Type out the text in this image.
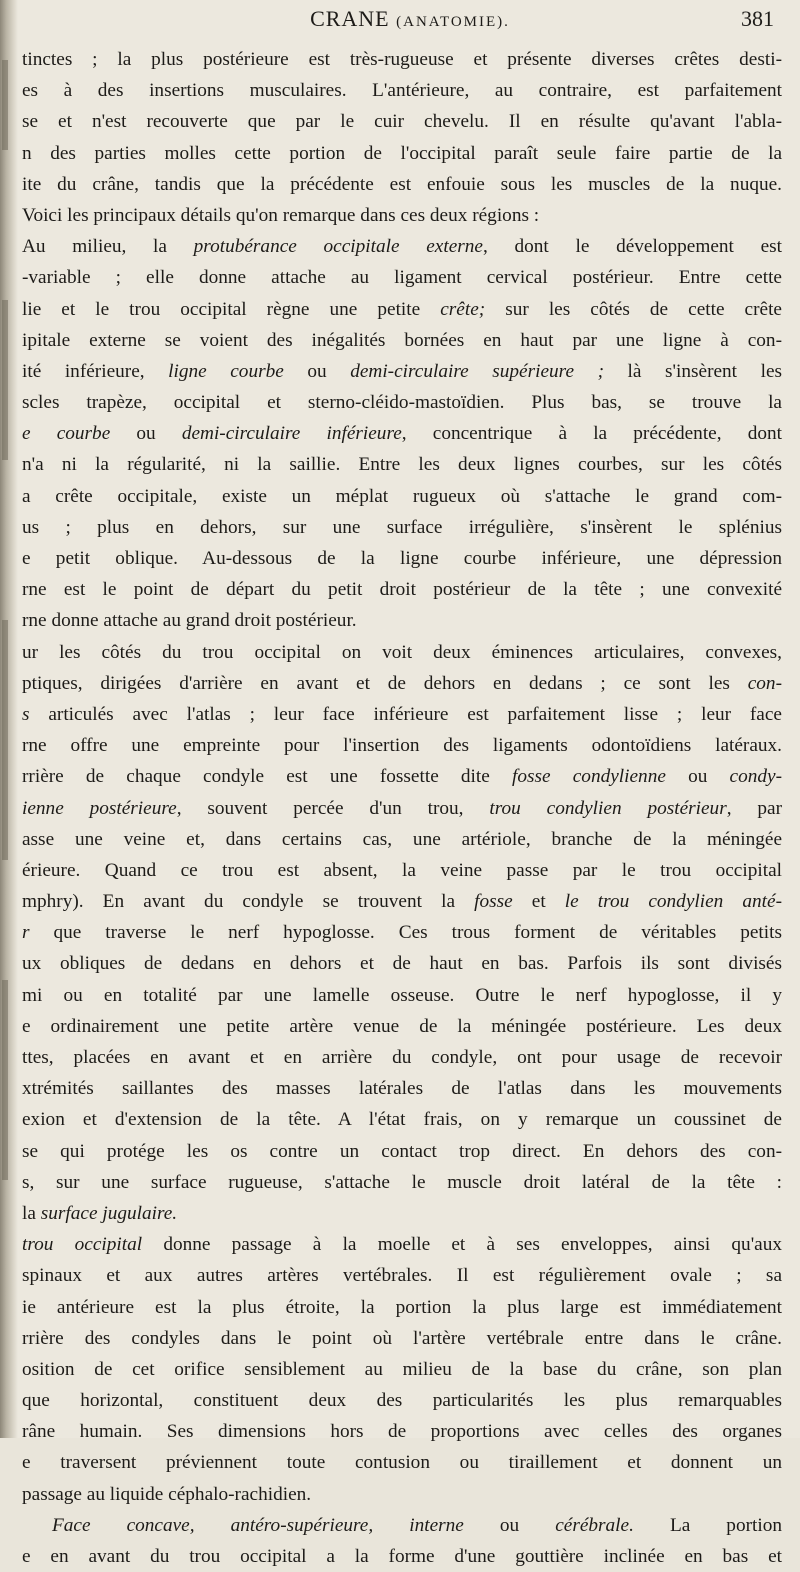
CRANE (ANATOMIE).	381
tinctes ; la plus postérieure est très-rugueuse et présente diverses crêtes desti-
es à des insertions musculaires. L'antérieure, au contraire, est parfaitement
se et n'est recouverte que par le cuir chevelu. Il en résulte qu'avant l'abla-
n des parties molles cette portion de l'occipital paraît seule faire partie de la
ite du crâne, tandis que la précédente est enfouie sous les muscles de la nuque.
Voici les principaux détails qu'on remarque dans ces deux régions :
Au milieu, la protubérance occipitale externe, dont le développement est
-variable ; elle donne attache au ligament cervical postérieur. Entre cette
lie et le trou occipital règne une petite crête; sur les côtés de cette crête
ipitale externe se voient des inégalités bornées en haut par une ligne à con-
ité inférieure, ligne courbe ou demi-circulaire supérieure ; là s'insèrent les
scles trapèze, occipital et sterno-cléido-mastoïdien. Plus bas, se trouve la
e courbe ou demi-circulaire inférieure, concentrique à la précédente, dont
n'a ni la régularité, ni la saillie. Entre les deux lignes courbes, sur les côtés
a crête occipitale, existe un méplat rugueux où s'attache le grand com-
us ; plus en dehors, sur une surface irrégulière, s'insèrent le splénius
e petit oblique. Au-dessous de la ligne courbe inférieure, une dépression
rne est le point de départ du petit droit postérieur de la tête ; une convexité
rne donne attache au grand droit postérieur.
ur les côtés du trou occipital on voit deux éminences articulaires, convexes,
ptiques, dirigées d'arrière en avant et de dehors en dedans ; ce sont les con-
s articulés avec l'atlas ; leur face inférieure est parfaitement lisse ; leur face
rne offre une empreinte pour l'insertion des ligaments odontoïdiens latéraux.
rrière de chaque condyle est une fossette dite fosse condylienne ou condy-
ienne postérieure, souvent percée d'un trou, trou condylien postérieur, par
asse une veine et, dans certains cas, une artériole, branche de la méningée
érieure. Quand ce trou est absent, la veine passe par le trou occipital
mphry). En avant du condyle se trouvent la fosse et le trou condylien anté-
r que traverse le nerf hypoglosse. Ces trous forment de véritables petits
ux obliques de dedans en dehors et de haut en bas. Parfois ils sont divisés
mi ou en totalité par une lamelle osseuse. Outre le nerf hypoglosse, il y
e ordinairement une petite artère venue de la méningée postérieure. Les deux
ttes, placées en avant et en arrière du condyle, ont pour usage de recevoir
xtrémités saillantes des masses latérales de l'atlas dans les mouvements
exion et d'extension de la tête. A l'état frais, on y remarque un coussinet de
se qui protége les os contre un contact trop direct. En dehors des con-
s, sur une surface rugueuse, s'attache le muscle droit latéral de la tête :
la surface jugulaire.
trou occipital donne passage à la moelle et à ses enveloppes, ainsi qu'aux
spinaux et aux autres artères vertébrales. Il est régulièrement ovale ; sa
ie antérieure est la plus étroite, la portion la plus large est immédiatement
rrière des condyles dans le point où l'artère vertébrale entre dans le crâne.
osition de cet orifice sensiblement au milieu de la base du crâne, son plan
que horizontal, constituent deux des particularités les plus remarquables
râne humain. Ses dimensions hors de proportions avec celles des organes
e traversent préviennent toute contusion ou tiraillement et donnent un
passage au liquide céphalo-rachidien.
Face concave, antéro-supérieure, interne ou cérébrale. La portion
e en avant du trou occipital a la forme d'une gouttière inclinée en bas et
